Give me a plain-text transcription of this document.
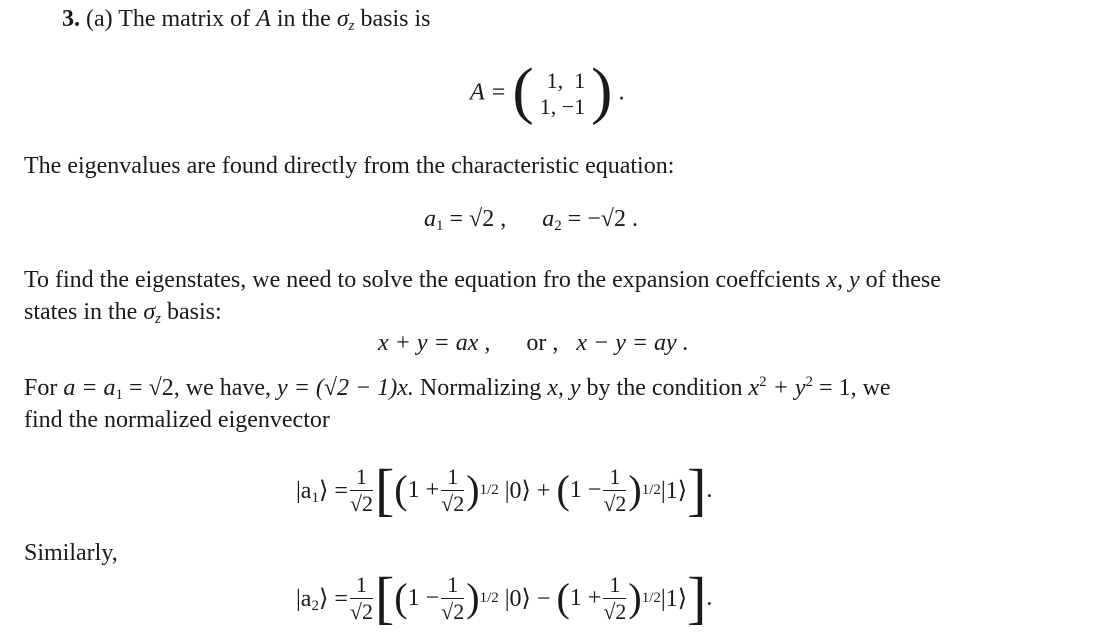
3. (a) The matrix of A in the $\sigma_z$ basis is
A = ( 1, 1
1, −1 ) .
The eigenvalues are found directly from the characteristic equation:
$a_1 = √2$ , $a_2 = -√2$ .
To find the eigenstates, we need to solve the equation fro the expansion coeffcients x, y of these
states in the $\sigma_z$ basis:
x + y = ax , or , x − y = ay .
For $a = a_1 = √2$, we have, y = (√2 − 1)x. Normalizing x, y by the condition $x^2 + y^2 = 1$, we
find the normalized eigenvector
$|a_1⟩ = \frac{1}{√2}$ [ ( $1 + \frac{1}{√2}$ ) 1/2
|0⟩ +
( $1 - \frac{1}{√2}$ ) 1/2 |1⟩ ] .
Similarly,
$|a_2⟩ = \frac{1}{√2}$ [ ( $1 - \frac{1}{√2}$ ) 1/2
|0⟩ −
( $1 + \frac{1}{√2}$ ) 1/2 |1⟩ ] .
